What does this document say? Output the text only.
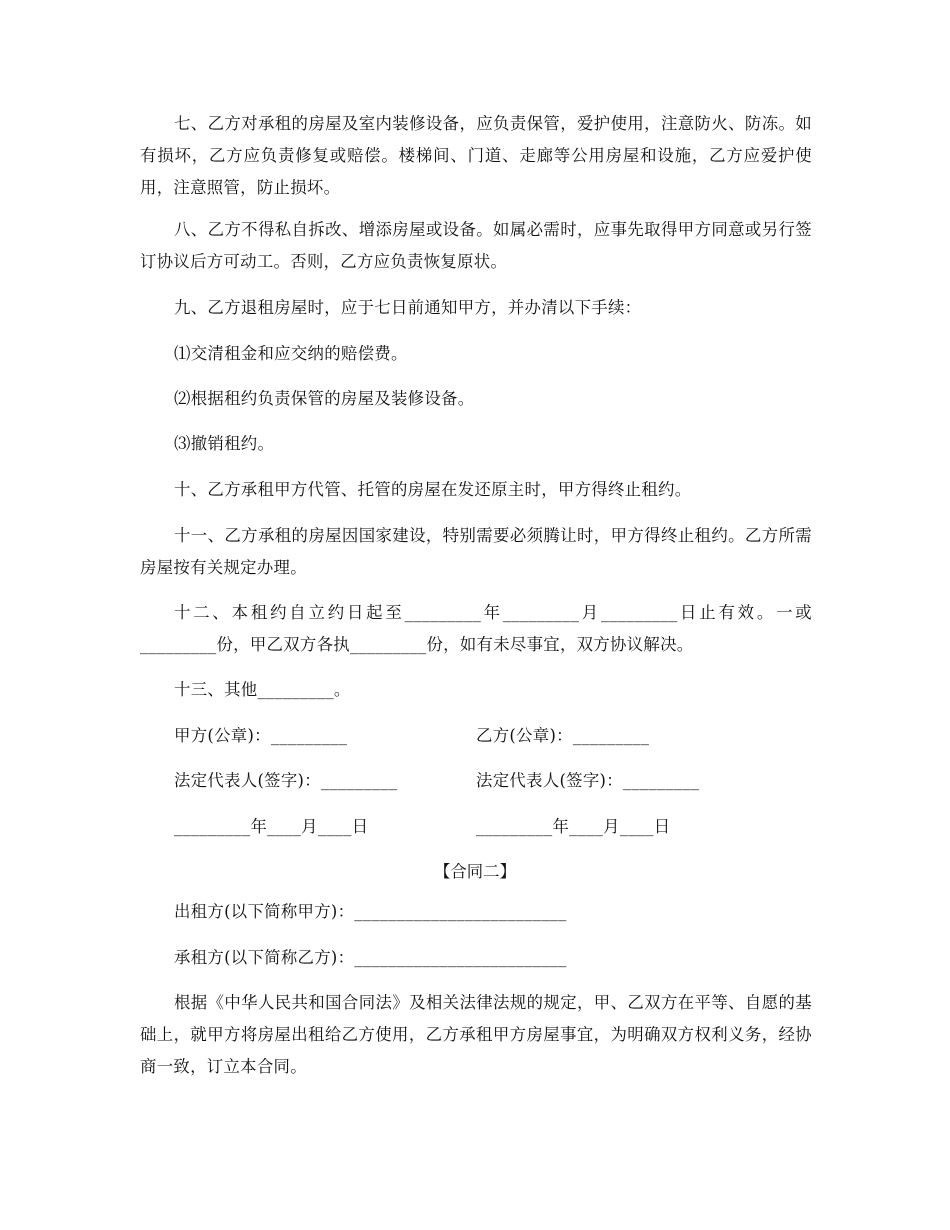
七、乙方对承租的房屋及室内装修设备，应负责保管，爱护使用，注意防火、防冻。如有损坏，乙方应负责修复或赔偿。楼梯间、门道、走廊等公用房屋和设施，乙方应爱护使用，注意照管，防止损坏。

八、乙方不得私自拆改、增添房屋或设备。如属必需时，应事先取得甲方同意或另行签订协议后方可动工。否则，乙方应负责恢复原状。

九、乙方退租房屋时，应于七日前通知甲方，并办清以下手续：

⑴交清租金和应交纳的赔偿费。

⑵根据租约负责保管的房屋及装修设备。

⑶撤销租约。

十、乙方承租甲方代管、托管的房屋在发还原主时，甲方得终止租约。

十一、乙方承租的房屋因国家建设，特别需要必须腾让时，甲方得终止租约。乙方所需房屋按有关规定办理。

十二、本租约自立约日起至_________年_________月_________日止有效。一或_________份，甲乙双方各执_________份，如有未尽事宜，双方协议解决。

十三、其他_________。

甲方(公章)：_________	乙方(公章)：_________
法定代表人(签字)：_________	法定代表人(签字)：_________
_________年____月____日	_________年____月____日
【合同二】
出租方(以下简称甲方)：_________________________
承租方(以下简称乙方)：_________________________

根据《中华人民共和国合同法》及相关法律法规的规定，甲、乙双方在平等、自愿的基础上，就甲方将房屋出租给乙方使用，乙方承租甲方房屋事宜，为明确双方权利义务，经协商一致，订立本合同。
